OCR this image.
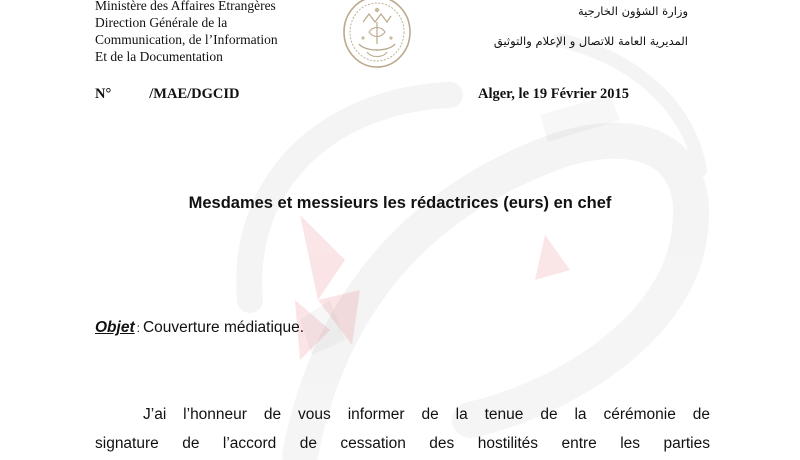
Ministère des Affaires Etrangères
Direction Générale de la
Communication, de l’Information
Et de la Documentation
وزارة الشؤون الخارجية
المديرية العامة للاتصال و الإعلام والتوثيق
N°	/MAE/DGCID	Alger, le 19 Février 2015
Mesdames et messieurs les rédactrices (eurs) en chef
Objet : Couverture médiatique.
J’ai l’honneur de vous informer de la tenue de la cérémonie de
signature de l’accord de cessation des hostilités entre les parties
